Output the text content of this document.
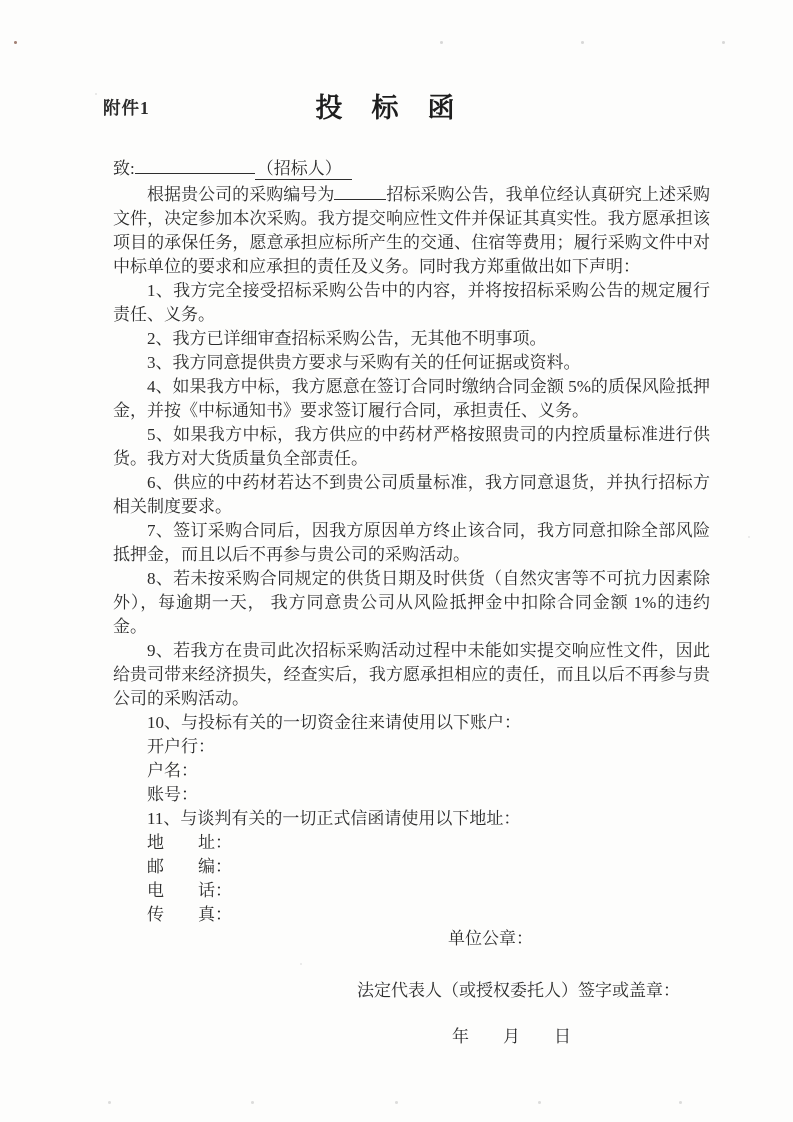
附件1	投　标　函
致:	（招标人）

根据贵公司的采购编号为	招标采购公告，我单位经认真研究上述采购文件，决定参加本次采购。我方提交响应性文件并保证其真实性。我方愿承担该项目的承保任务，愿意承担应标所产生的交通、住宿等费用；履行采购文件中对中标单位的要求和应承担的责任及义务。同时我方郑重做出如下声明：

1、我方完全接受招标采购公告中的内容，并将按招标采购公告的规定履行责任、义务。

2、我方已详细审查招标采购公告，无其他不明事项。

3、我方同意提供贵方要求与采购有关的任何证据或资料。

4、如果我方中标，我方愿意在签订合同时缴纳合同金额 5%的质保风险抵押金，并按《中标通知书》要求签订履行合同，承担责任、义务。

5、如果我方中标，我方供应的中药材严格按照贵司的内控质量标准进行供货。我方对大货质量负全部责任。

6、供应的中药材若达不到贵公司质量标准，我方同意退货，并执行招标方相关制度要求。

7、签订采购合同后，因我方原因单方终止该合同，我方同意扣除全部风险抵押金，而且以后不再参与贵公司的采购活动。

8、若未按采购合同规定的供货日期及时供货（自然灾害等不可抗力因素除外），每逾期一天， 我方同意贵公司从风险抵押金中扣除合同金额 1%的违约金。

9、若我方在贵司此次招标采购活动过程中未能如实提交响应性文件，因此给贵司带来经济损失，经查实后，我方愿承担相应的责任，而且以后不再参与贵公司的采购活动。

10、与投标有关的一切资金往来请使用以下账户：

开户行：

户名：

账号：

11、与谈判有关的一切正式信函请使用以下地址：

地　　址：

邮　　编：

电　　话：

传　　真：

单位公章：

法定代表人（或授权委托人）签字或盖章：

年　　月　　日
